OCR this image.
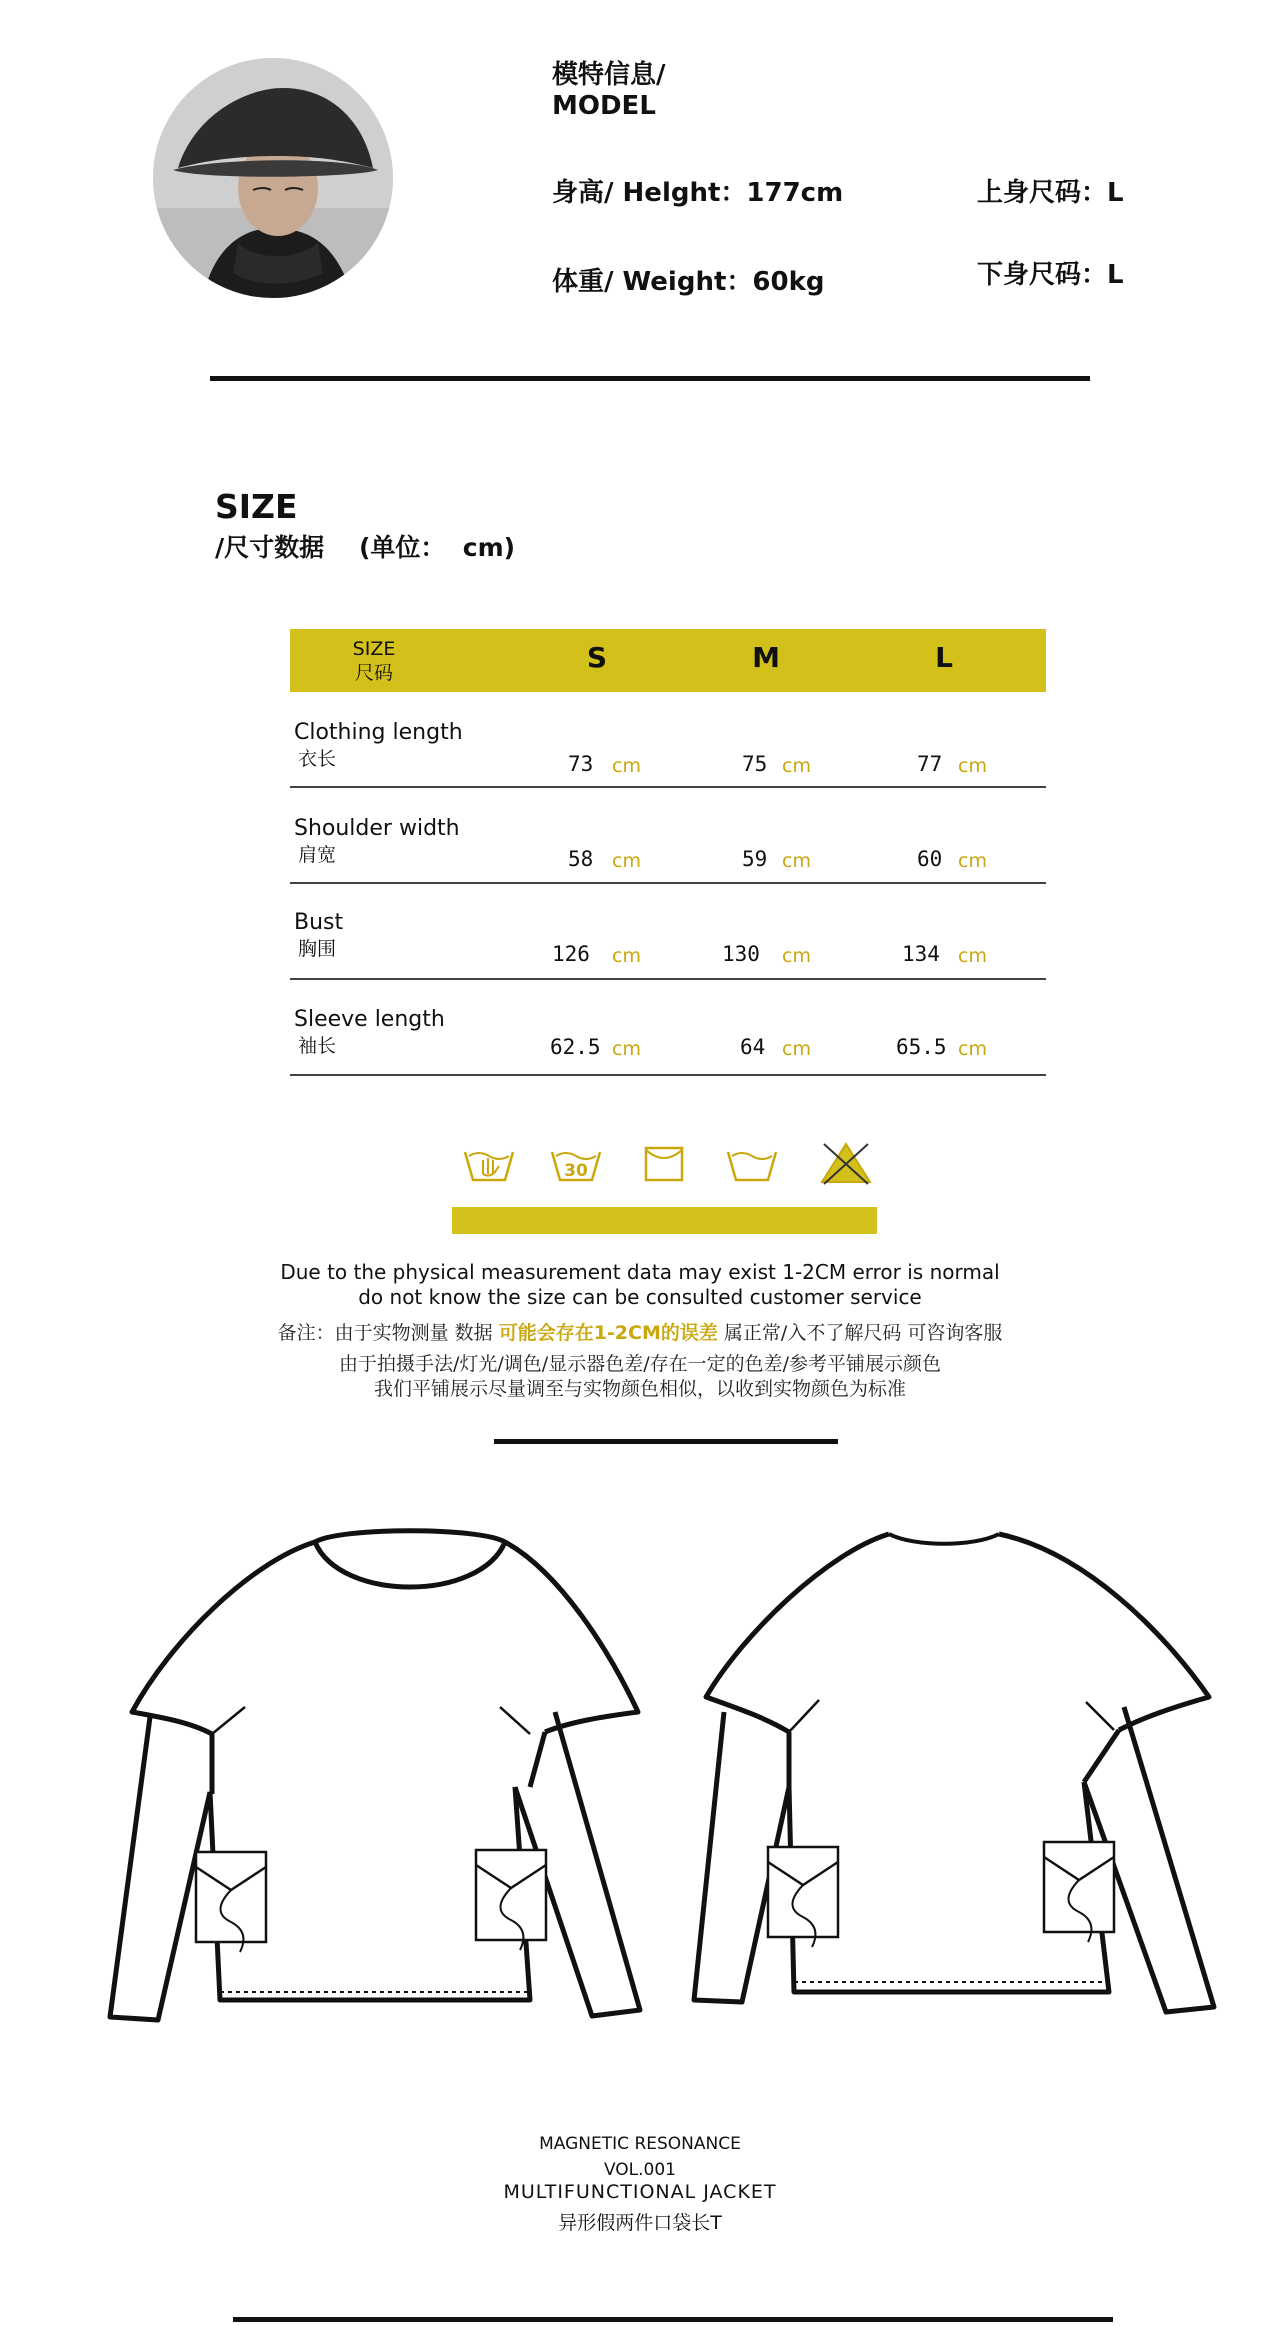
模特信息/
MODEL
身高/ Helght：177cm
体重/ Weight：60kg
上身尺码：L
下身尺码：L
SIZE
/尺寸数据    (单位：  cm)
SIZE
尺码	S	M	L
Clothing length
衣长	73 cm	75 cm	77 cm
Shoulder width
肩宽	58 cm	59 cm	60 cm
Bust
胸围	126 cm	130 cm	134 cm
Sleeve length
袖长	62.5 cm	64 cm	65.5 cm
30
Due to the physical measurement data may exist 1-2CM error is normal
do not know the size can be consulted customer service
备注：由于实物测量 数据 可能会存在1-2CM的误差 属正常/入不了解尺码 可咨询客服
由于拍摄手法/灯光/调色/显示器色差/存在一定的色差/参考平铺展示颜色
我们平铺展示尽量调至与实物颜色相似，以收到实物颜色为标准
MAGNETIC RESONANCE
VOL.001
MULTIFUNCTIONAL JACKET
异形假两件口袋长T
